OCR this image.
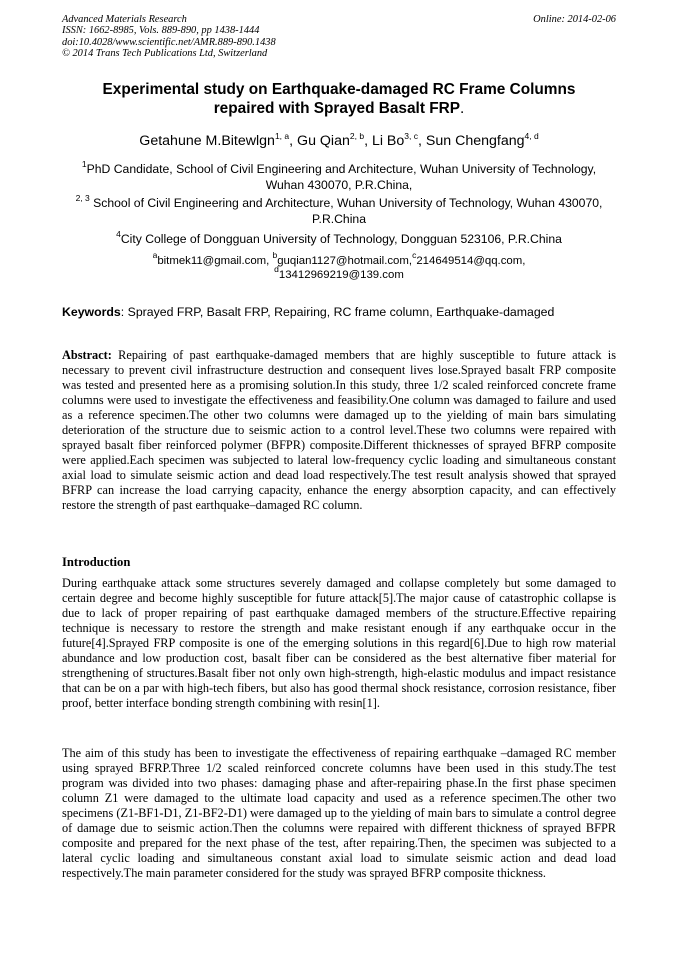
Advanced Materials Research
ISSN: 1662-8985, Vols. 889-890, pp 1438-1444
doi:10.4028/www.scientific.net/AMR.889-890.1438
© 2014 Trans Tech Publications Ltd, Switzerland
Online: 2014-02-06
Experimental study on Earthquake-damaged RC Frame Columns
repaired with Sprayed Basalt FRP.
Getahune M.Bitewlgn$^{1, a}$, Gu Qian$^{2, b}$, Li Bo$^{3, c}$, Sun Chengfang$^{4, d}$
$^1$PhD Candidate, School of Civil Engineering and Architecture, Wuhan University of Technology,
Wuhan 430070, P.R.China,
$^{2, 3}$ School of Civil Engineering and Architecture, Wuhan University of Technology, Wuhan 430070,
P.R.China
$^4$City College of Dongguan University of Technology, Dongguan 523106, P.R.China
$^a$bitmek11@gmail.com, $^b$guqian1127@hotmail.com,$^c$214649514@qq.com,
$^d$13412969219@139.com
Keywords: Sprayed FRP, Basalt FRP, Repairing, RC frame column, Earthquake-damaged
Abstract: Repairing of past earthquake-damaged members that are highly susceptible to future attack is necessary to prevent civil infrastructure destruction and consequent lives lose.Sprayed basalt FRP composite was tested and presented here as a promising solution.In this study, three 1/2 scaled reinforced concrete frame columns were used to investigate the effectiveness and feasibility.One column was damaged to failure and used as a reference specimen.The other two columns were damaged up to the yielding of main bars simulating deterioration of the structure due to seismic action to a control level.These two columns were repaired with sprayed basalt fiber reinforced polymer (BFPR) composite.Different thicknesses of sprayed BFRP composite were applied.Each specimen was subjected to lateral low-frequency cyclic loading and simultaneous constant axial load to simulate seismic action and dead load respectively.The test result analysis showed that sprayed BFRP can increase the load carrying capacity, enhance the energy absorption capacity, and can effectively restore the strength of past earthquake–damaged RC column.
Introduction
During earthquake attack some structures severely damaged and collapse completely but some damaged to certain degree and become highly susceptible for future attack[5].The major cause of catastrophic collapse is due to lack of proper repairing of past earthquake damaged members of the structure.Effective repairing technique is necessary to restore the strength and make resistant enough if any earthquake occur in the future[4].Sprayed FRP composite is one of the emerging solutions in this regard[6].Due to high row material abundance and low production cost, basalt fiber can be considered as the best alternative fiber material for strengthening of structures.Basalt fiber not only own high-strength, high-elastic modulus and impact resistance that can be on a par with high-tech fibers, but also has good thermal shock resistance, corrosion resistance, fiber proof, better interface bonding strength combining with resin[1].
The aim of this study has been to investigate the effectiveness of repairing earthquake –damaged RC member using sprayed BFRP.Three 1/2 scaled reinforced concrete columns have been used in this study.The test program was divided into two phases: damaging phase and after-repairing phase.In the first phase specimen column Z1 were damaged to the ultimate load capacity and used as a reference specimen.The other two specimens (Z1-BF1-D1, Z1-BF2-D1) were damaged up to the yielding of main bars to simulate a control degree of damage due to seismic action.Then the columns were repaired with different thickness of sprayed BFPR composite and prepared for the next phase of the test, after repairing.Then, the specimen was subjected to a lateral cyclic loading and simultaneous constant axial load to simulate seismic action and dead load respectively.The main parameter considered for the study was sprayed BFRP composite thickness.
